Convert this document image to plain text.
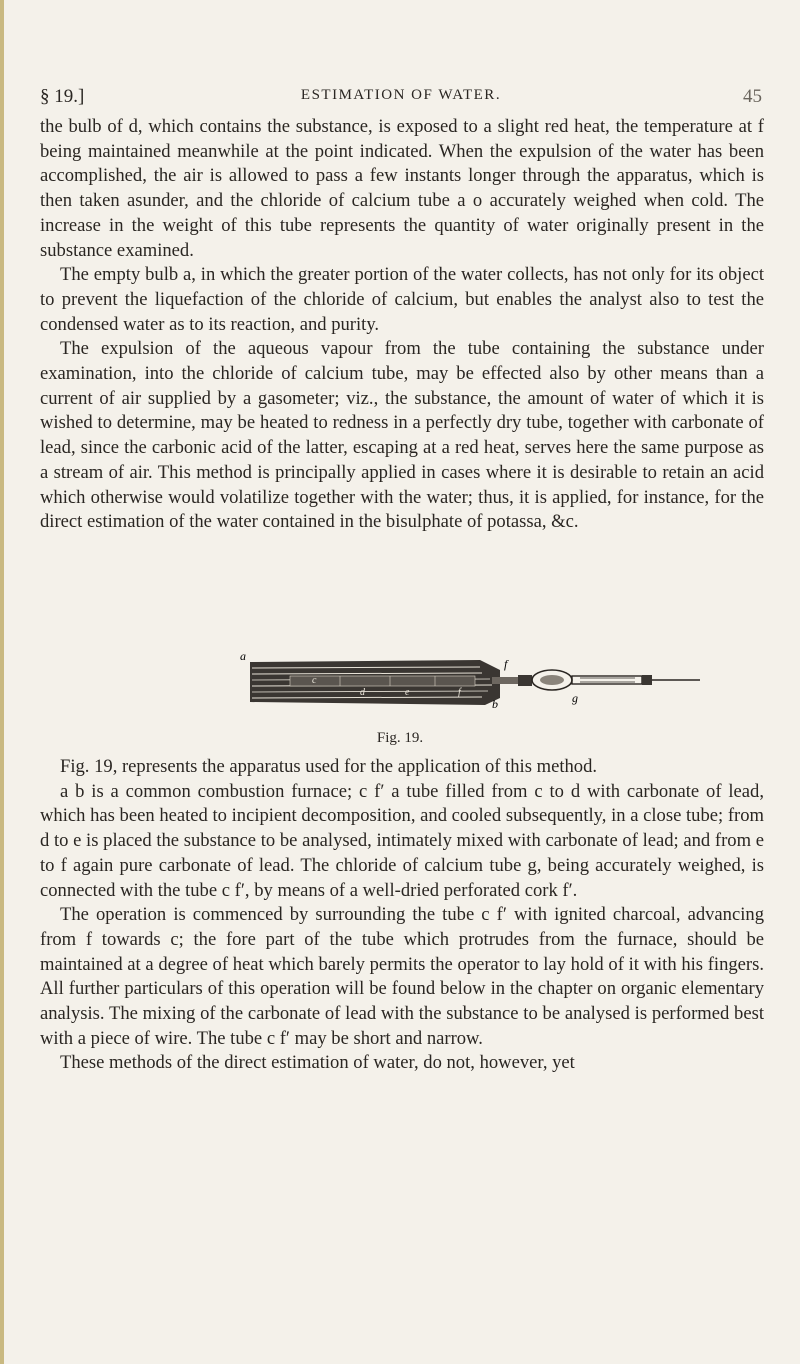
§ 19.]	ESTIMATION OF WATER.	45

the bulb of d, which contains the substance, is exposed to a slight red heat, the temperature at f being maintained meanwhile at the point indicated. When the expulsion of the water has been accomplished, the air is allowed to pass a few instants longer through the apparatus, which is then taken asunder, and the chloride of calcium tube a o accurately weighed when cold. The increase in the weight of this tube represents the quantity of water originally present in the substance examined.

The empty bulb a, in which the greater portion of the water collects, has not only for its object to prevent the liquefaction of the chloride of calcium, but enables the analyst also to test the condensed water as to its reaction, and purity.

The expulsion of the aqueous vapour from the tube containing the substance under examination, into the chloride of calcium tube, may be effected also by other means than a current of air supplied by a gasometer; viz., the substance, the amount of water of which it is wished to determine, may be heated to redness in a perfectly dry tube, together with carbonate of lead, since the carbonic acid of the latter, escaping at a red heat, serves here the same purpose as a stream of air. This method is principally applied in cases where it is desirable to retain an acid which otherwise would volatilize together with the water; thus, it is applied, for instance, for the direct estimation of the water contained in the bisulphate of potassa, &c.

a
b
c
d	e	f
f
g
Fig. 19.

Fig. 19, represents the apparatus used for the application of this method.

a b is a common combustion furnace; c f′ a tube filled from c to d with carbonate of lead, which has been heated to incipient decomposition, and cooled subsequently, in a close tube; from d to e is placed the substance to be analysed, intimately mixed with carbonate of lead; and from e to f again pure carbonate of lead. The chloride of calcium tube g, being accurately weighed, is connected with the tube c f′, by means of a well-dried perforated cork f′.

The operation is commenced by surrounding the tube c f′ with ignited charcoal, advancing from f towards c; the fore part of the tube which protrudes from the furnace, should be maintained at a degree of heat which barely permits the operator to lay hold of it with his fingers. All further particulars of this operation will be found below in the chapter on organic elementary analysis. The mixing of the carbonate of lead with the substance to be analysed is performed best with a piece of wire. The tube c f′ may be short and narrow.

These methods of the direct estimation of water, do not, however, yet
